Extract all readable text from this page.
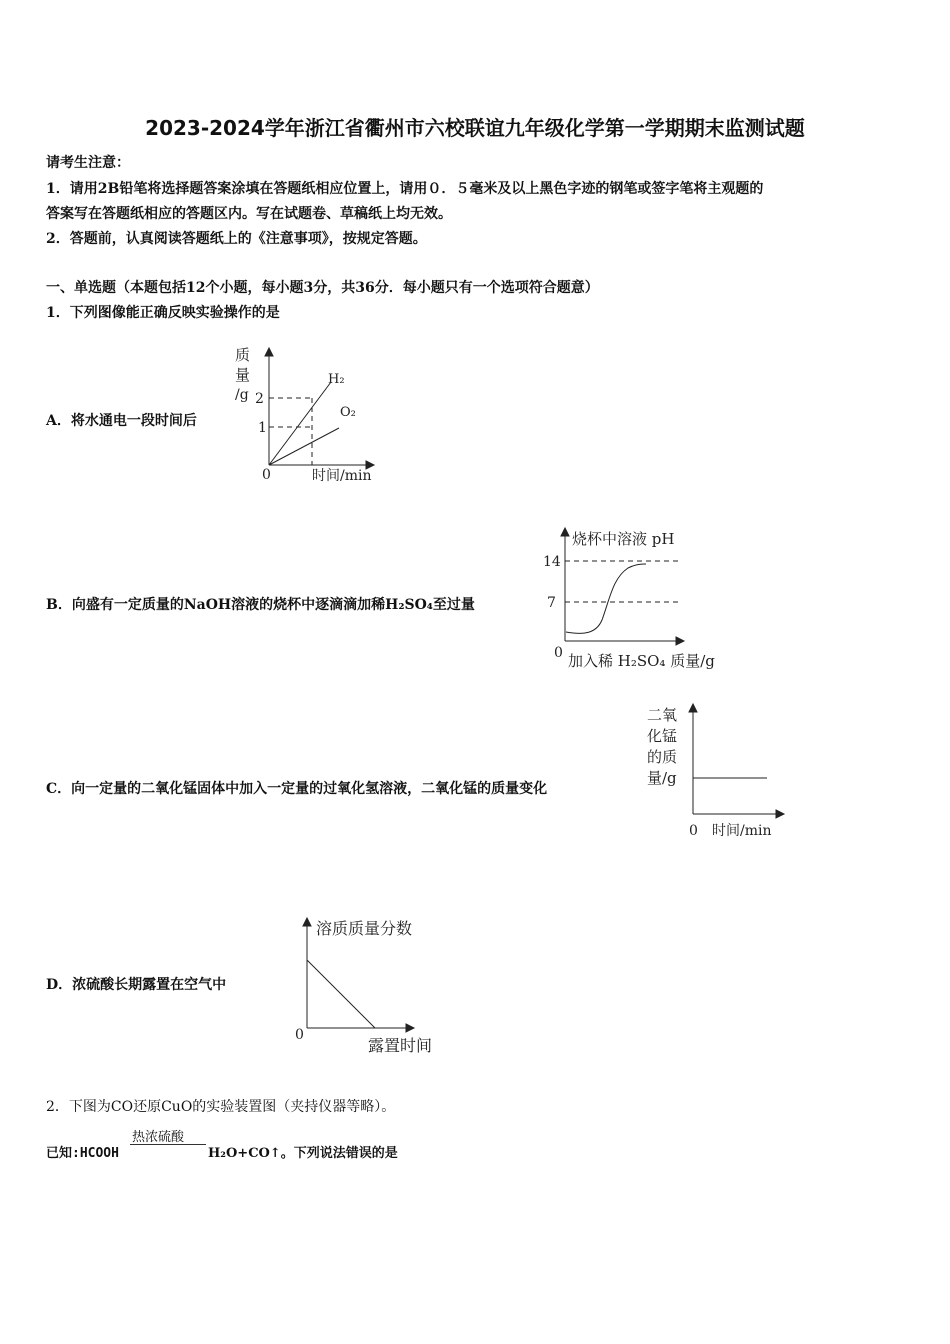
2023-2024学年浙江省衢州市六校联谊九年级化学第一学期期末监测试题
请考生注意：
1．请用2B铅笔将选择题答案涂填在答题纸相应位置上，请用０．５毫米及以上黑色字迹的钢笔或签字笔将主观题的
答案写在答题纸相应的答题区内。写在试题卷、草稿纸上均无效。
2．答题前，认真阅读答题纸上的《注意事项》，按规定答题。
一、单选题（本题包括12个小题，每小题3分，共36分．每小题只有一个选项符合题意）
1．下列图像能正确反映实验操作的是
A．将水通电一段时间后
质
量
/g 2
1
0	时间/min
H₂
O₂
B．向盛有一定质量的NaOH溶液的烧杯中逐滴滴加稀H₂SO₄至过量
烧杯中溶液 pH
14
7
0 加入稀 H₂SO₄ 质量/g
C．向一定量的二氧化锰固体中加入一定量的过氧化氢溶液，二氧化锰的质量变化
二氧
化锰
的质
量/g
0 时间/min
D．浓硫酸长期露置在空气中
溶质质量分数
0
露置时间
2．下图为CO还原CuO的实验装置图（夹持仪器等略）。
已知:HCOOH
热浓硫酸
H₂O+CO↑。下列说法错误的是
